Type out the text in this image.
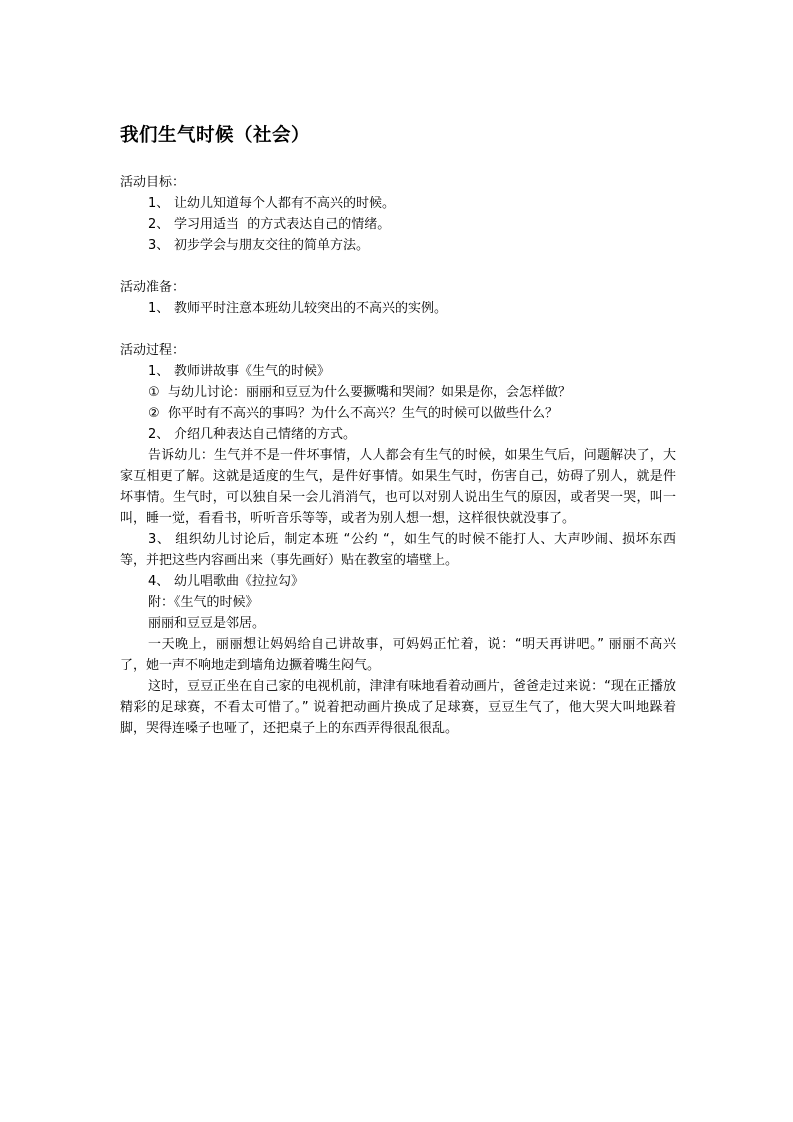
我们生气时候（社会）

活动目标：

1、 让幼儿知道每个人都有不高兴的时候。

2、 学习用适当  的方式表达自己的情绪。

3、 初步学会与朋友交往的简单方法。

活动准备：

1、 教师平时注意本班幼儿较突出的不高兴的实例。

活动过程：

1、 教师讲故事《生气的时候》

① 与幼儿讨论：丽丽和豆豆为什么要撅嘴和哭闹？如果是你，会怎样做？

② 你平时有不高兴的事吗？为什么不高兴？生气的时候可以做些什么？

2、 介绍几种表达自己情绪的方式。

告诉幼儿：生气并不是一件坏事情，人人都会有生气的时候，如果生气后，问题解决了，大家互相更了解。这就是适度的生气，是件好事情。如果生气时，伤害自己，妨碍了别人，就是件坏事情。生气时，可以独自呆一会儿消消气，也可以对别人说出生气的原因，或者哭一哭，叫一叫，睡一觉，看看书，听听音乐等等，或者为别人想一想，这样很快就没事了。

3、 组织幼儿讨论后，制定本班 “公约 “，如生气的时候不能打人、大声吵闹、损坏东西等，并把这些内容画出来（事先画好）贴在教室的墙壁上。

4、 幼儿唱歌曲《拉拉勾》

附：《生气的时候》

丽丽和豆豆是邻居。

一天晚上，丽丽想让妈妈给自己讲故事，可妈妈正忙着，说：“明天再讲吧。” 丽丽不高兴了，她一声不响地走到墙角边撅着嘴生闷气。

这时，豆豆正坐在自己家的电视机前，津津有味地看着动画片，爸爸走过来说：“现在正播放精彩的足球赛，不看太可惜了。” 说着把动画片换成了足球赛，豆豆生气了，他大哭大叫地跺着脚，哭得连嗓子也哑了，还把桌子上的东西弄得很乱很乱。
